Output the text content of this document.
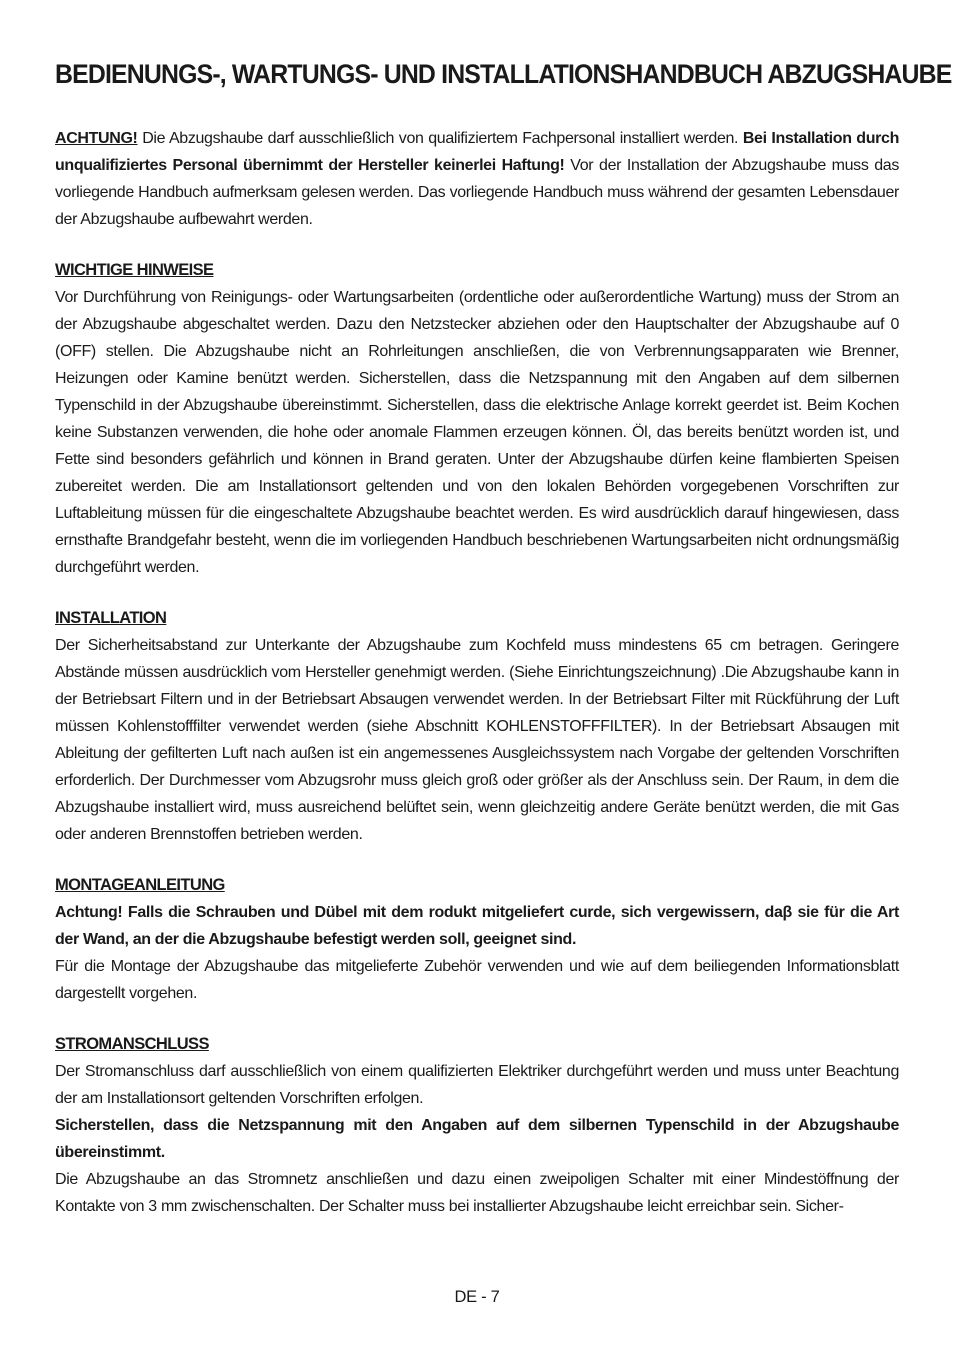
BEDIENUNGS-, WARTUNGS- UND INSTALLATIONSHANDBUCH ABZUGSHAUBE

ACHTUNG! Die Abzugshaube darf ausschließlich von qualifiziertem Fachpersonal installiert werden. Bei Installation durch unqualifiziertes Personal übernimmt der Hersteller keinerlei Haftung! Vor der Installation der Abzugshaube muss das vorliegende Handbuch aufmerksam gelesen werden. Das vorliegende Handbuch muss während der gesamten Lebensdauer der Abzugshaube aufbewahrt werden.

WICHTIGE HINWEISE

Vor Durchführung von Reinigungs- oder Wartungsarbeiten (ordentliche oder außerordentliche Wartung) muss der Strom an der Abzugshaube abgeschaltet werden. Dazu den Netzstecker abziehen oder den Hauptschalter der Abzugshaube auf 0 (OFF) stellen. Die Abzugshaube nicht an Rohrleitungen anschließen, die von Verbrennungsapparaten wie Brenner, Heizungen oder Kamine benützt werden. Sicherstellen, dass die Netzspannung mit den Angaben auf dem silbernen Typenschild in der Abzugshaube übereinstimmt. Sicherstellen, dass die elektrische Anlage korrekt geerdet ist. Beim Kochen keine Substanzen verwenden, die hohe oder anomale Flammen erzeugen können. Öl, das bereits benützt worden ist, und Fette sind besonders gefährlich und können in Brand geraten. Unter der Abzugshaube dürfen keine flambierten Speisen zubereitet werden. Die am Installationsort geltenden und von den lokalen Behörden vorgegebenen Vorschriften zur Luftableitung müssen für die eingeschaltete Abzugshaube beachtet werden. Es wird ausdrücklich darauf hingewiesen, dass ernsthafte Brandgefahr besteht, wenn die im vorliegenden Handbuch beschriebenen Wartungsarbeiten nicht ordnungsmäßig durchgeführt werden.

INSTALLATION

Der Sicherheitsabstand zur Unterkante der Abzugshaube zum Kochfeld muss mindestens 65 cm betragen. Geringere Abstände müssen ausdrücklich vom Hersteller genehmigt werden. (Siehe Einrichtungszeichnung) .Die Abzugshaube kann in der Betriebsart Filtern und in der Betriebsart Absaugen verwendet werden. In der Betriebsart Filter mit Rückführung der Luft müssen Kohlenstofffilter verwendet werden (siehe Abschnitt KOHLENSTOFFFILTER). In der Betriebsart Absaugen mit Ableitung der gefilterten Luft nach außen ist ein angemessenes Ausgleichssystem nach Vorgabe der geltenden Vorschriften erforderlich. Der Durchmesser vom Abzugsrohr muss gleich groß oder größer als der Anschluss sein. Der Raum, in dem die Abzugshaube installiert wird, muss ausreichend belüftet sein, wenn gleichzeitig andere Geräte benützt werden, die mit Gas oder anderen Brennstoffen betrieben werden.

MONTAGEANLEITUNG

Achtung! Falls die Schrauben und Dübel mit dem rodukt mitgeliefert curde, sich vergewissern, daβ sie für die Art der Wand, an der die Abzugshaube befestigt werden soll, geeignet sind.

Für die Montage der Abzugshaube das mitgelieferte Zubehör verwenden und wie auf dem beiliegenden Informationsblatt dargestellt vorgehen.

STROMANSCHLUSS

Der Stromanschluss darf ausschließlich von einem qualifizierten Elektriker durchgeführt werden und muss unter Beachtung der am Installationsort geltenden Vorschriften erfolgen.

Sicherstellen, dass die Netzspannung mit den Angaben auf dem silbernen Typenschild in der Abzugshaube übereinstimmt.

Die Abzugshaube an das Stromnetz anschließen und dazu einen zweipoligen Schalter mit einer Mindestöffnung der Kontakte von 3 mm zwischenschalten. Der Schalter muss bei installierter Abzugshaube leicht erreichbar sein. Sicher-

DE - 7
